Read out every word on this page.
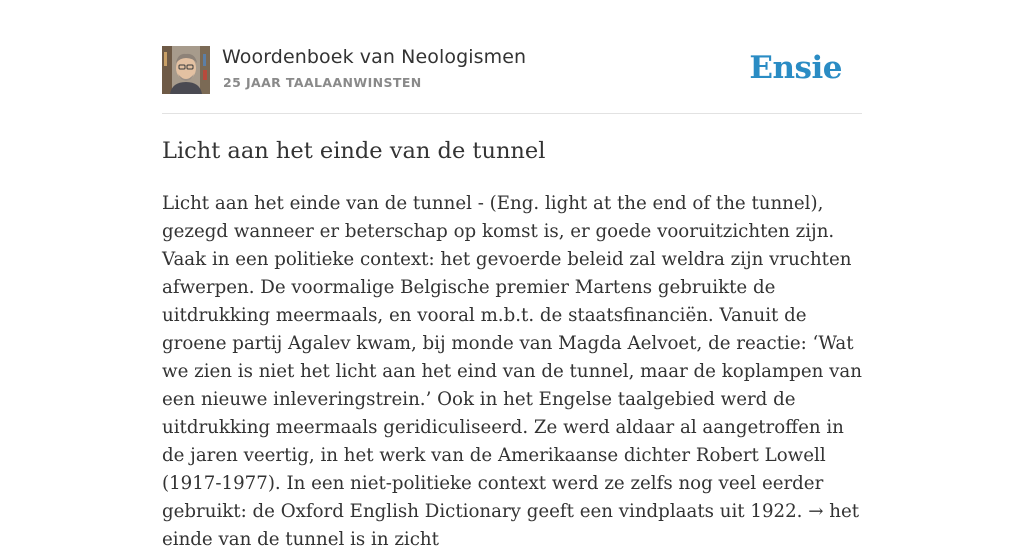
Woordenboek van Neologismen
25 JAAR TAALAANWINSTEN	Ensie
Licht aan het einde van de tunnel

Licht aan het einde van de tunnel - (Eng. light at the end of the tunnel), gezegd wanneer er beterschap op komst is, er goede vooruitzichten zijn. Vaak in een politieke context: het gevoerde beleid zal weldra zijn vruchten afwerpen. De voormalige Belgische premier Martens gebruikte de uitdrukking meermaals, en vooral m.b.t. de staatsfinanciën. Vanuit de groene partij Agalev kwam, bij monde van Magda Aelvoet, de reactie: ‘Wat we zien is niet het licht aan het eind van de tunnel, maar de koplampen van een nieuwe inleveringstrein.’ Ook in het Engelse taalgebied werd de uitdrukking meermaals geridiculiseerd. Ze werd aldaar al aangetroffen in de jaren veertig, in het werk van de Amerikaanse dichter Robert Lowell (1917-1977). In een niet-politieke context werd ze zelfs nog veel eerder gebruikt: de Oxford English Dictionary geeft een vindplaats uit 1922. → het einde van de tunnel is in zicht
